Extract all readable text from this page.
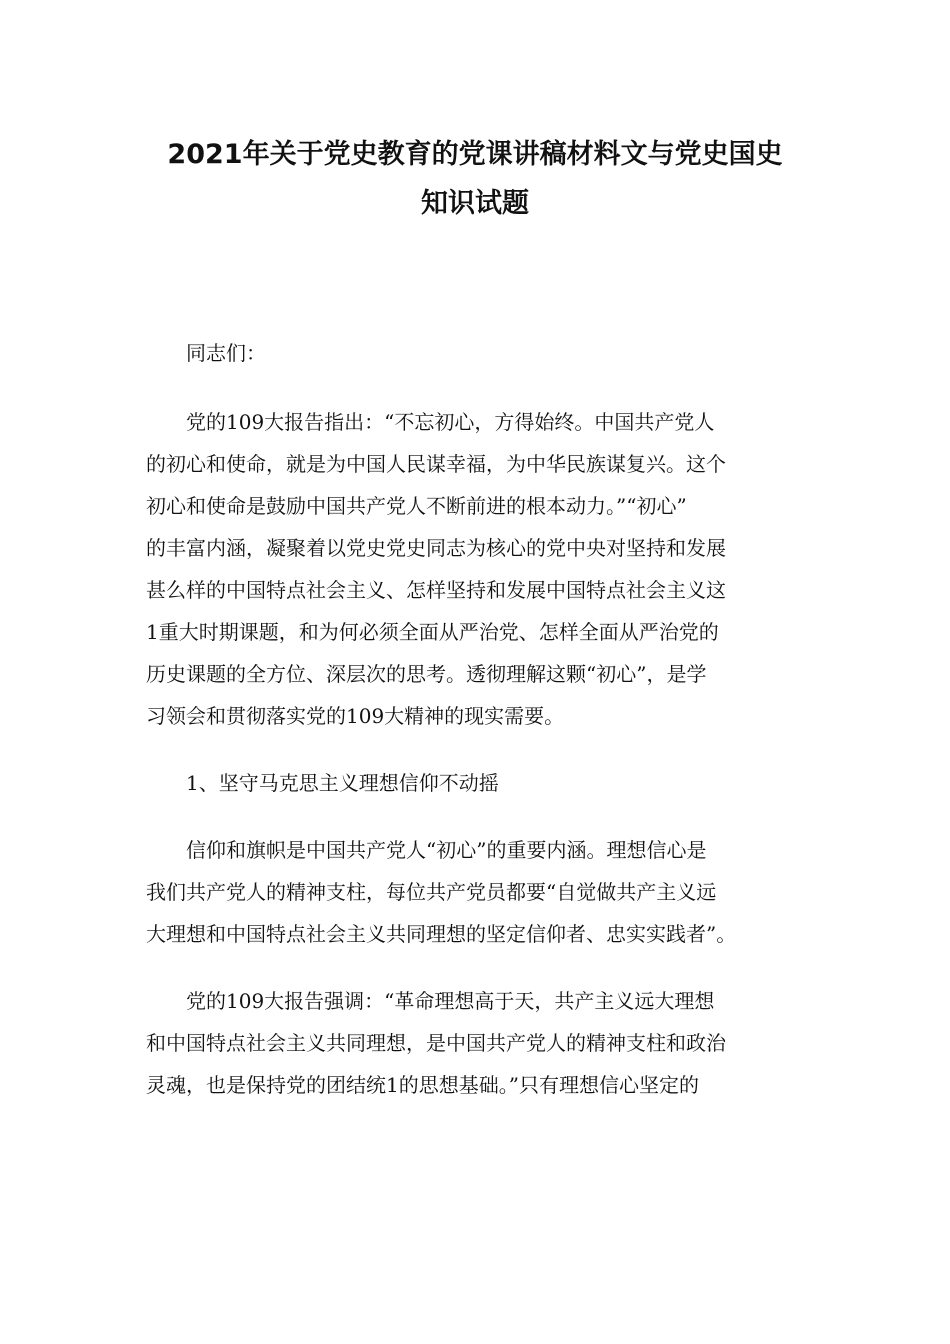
2021年关于党史教育的党课讲稿材料文与党史国史
知识试题

同志们：

党的109大报告指出：“不忘初心，方得始终。中国共产党人
的初心和使命，就是为中国人民谋幸福，为中华民族谋复兴。这个
初心和使命是鼓励中国共产党人不断前进的根本动力。”“初心”
的丰富内涵，凝聚着以党史党史同志为核心的党中央对坚持和发展
甚么样的中国特点社会主义、怎样坚持和发展中国特点社会主义这
1重大时期课题，和为何必须全面从严治党、怎样全面从严治党的
历史课题的全方位、深层次的思考。透彻理解这颗“初心”，是学
习领会和贯彻落实党的109大精神的现实需要。
1、坚守马克思主义理想信仰不动摇
信仰和旗帜是中国共产党人“初心”的重要内涵。理想信心是
我们共产党人的精神支柱，每位共产党员都要“自觉做共产主义远
大理想和中国特点社会主义共同理想的坚定信仰者、忠实实践者”。
党的109大报告强调：“革命理想高于天，共产主义远大理想
和中国特点社会主义共同理想，是中国共产党人的精神支柱和政治
灵魂，也是保持党的团结统1的思想基础。”只有理想信心坚定的
